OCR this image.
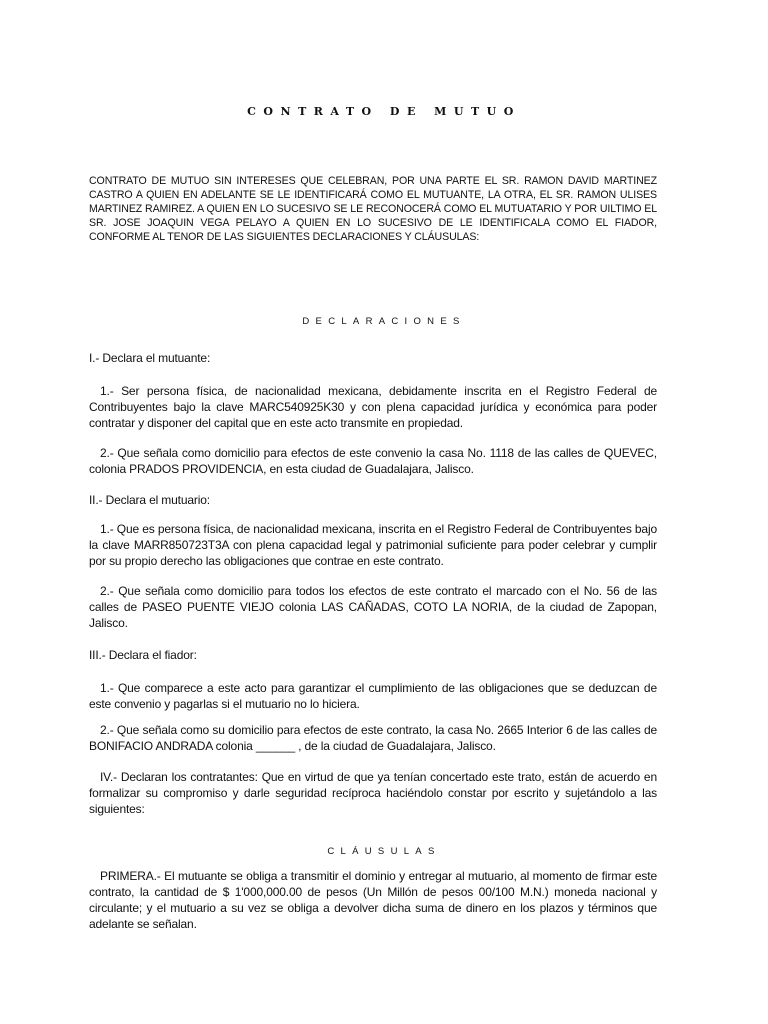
CONTRATO DE MUTUO
CONTRATO DE MUTUO SIN INTERESES QUE CELEBRAN, POR UNA PARTE EL SR. RAMON DAVID MARTINEZ CASTRO A QUIEN EN ADELANTE SE LE IDENTIFICARÁ COMO EL MUTUANTE, LA OTRA, EL SR. RAMON ULISES MARTINEZ RAMIREZ. A QUIEN EN LO SUCESIVO SE LE RECONOCERÁ COMO EL MUTUATARIO Y POR UILTIMO EL SR. JOSE JOAQUIN VEGA PELAYO A QUIEN EN LO SUCESIVO DE LE IDENTIFICALA COMO EL FIADOR, CONFORME AL TENOR DE LAS SIGUIENTES DECLARACIONES Y CLÁUSULAS:
DECLARACIONES
I.- Declara el mutuante:
1.- Ser persona física, de nacionalidad mexicana, debidamente inscrita en el Registro Federal de Contribuyentes bajo la clave MARC540925K30 y con plena capacidad jurídica y económica para poder contratar y disponer del capital que en este acto transmite en propiedad.
2.- Que señala como domicilio para efectos de este convenio la casa No. 1118 de las calles de QUEVEC, colonia PRADOS PROVIDENCIA, en esta ciudad de Guadalajara, Jalisco.
II.- Declara el mutuario:
1.- Que es persona física, de nacionalidad mexicana, inscrita en el Registro Federal de Contribuyentes bajo la clave MARR850723T3A con plena capacidad legal y patrimonial suficiente para poder celebrar y cumplir por su propio derecho las obligaciones que contrae en este contrato.
2.- Que señala como domicilio para todos los efectos de este contrato el marcado con el No. 56 de las calles de PASEO PUENTE VIEJO colonia LAS CAÑADAS, COTO LA NORIA, de la ciudad de Zapopan, Jalisco.
III.- Declara el fiador:
1.- Que comparece a este acto para garantizar el cumplimiento de las obligaciones que se deduzcan de este convenio y pagarlas si el mutuario no lo hiciera.
2.- Que señala como su domicilio para efectos de este contrato, la casa No. 2665 Interior 6 de las calles de BONIFACIO ANDRADA colonia ______ , de la ciudad de Guadalajara, Jalisco.
IV.- Declaran los contratantes: Que en virtud de que ya tenían concertado este trato, están de acuerdo en formalizar su compromiso y darle seguridad recíproca haciéndolo constar por escrito y sujetándolo a las siguientes:
CLÁUSULAS
PRIMERA.- El mutuante se obliga a transmitir el dominio y entregar al mutuario, al momento de firmar este contrato, la cantidad de $ 1'000,000.00 de pesos (Un Millón de pesos 00/100 M.N.) moneda nacional y circulante; y el mutuario a su vez se obliga a devolver dicha suma de dinero en los plazos y términos que adelante se señalan.
